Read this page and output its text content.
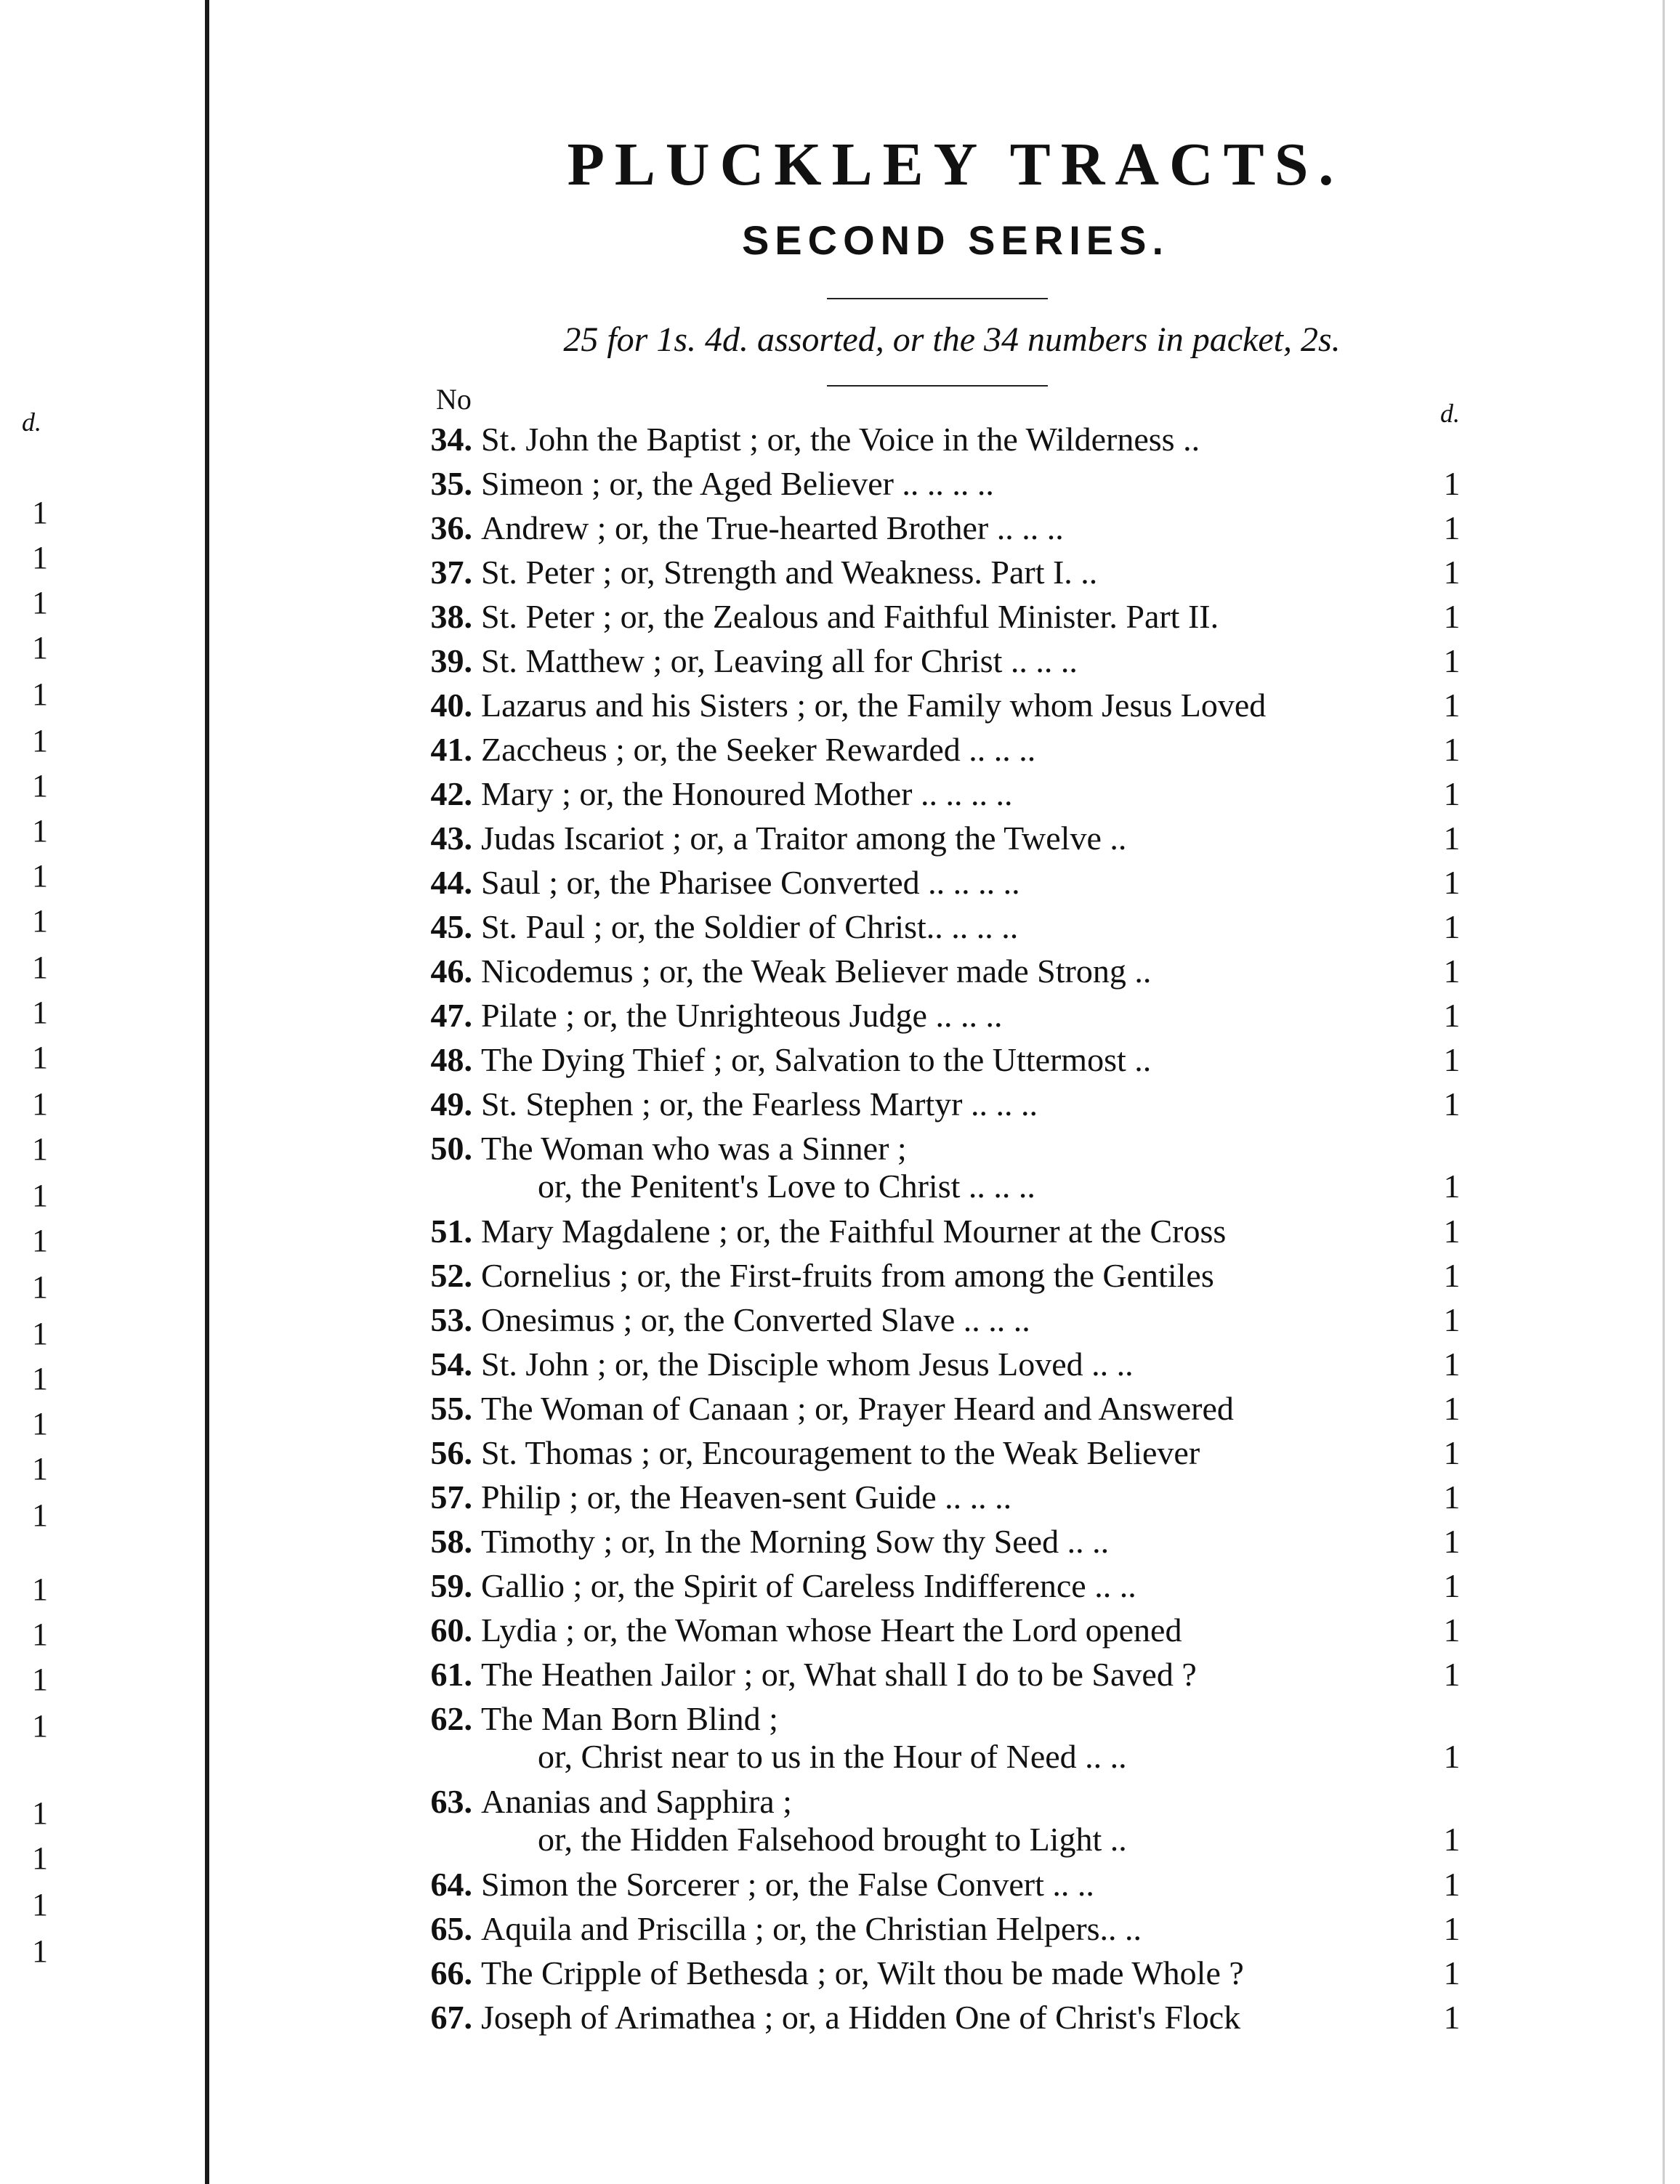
d.
1
1
1
1
1
1
1
1
1
1
1
1
1
1
1
1
1
1
1
1
1
1
1
1
1
1
1
1
1
1
1
PLUCKLEY TRACTS.
SECOND SERIES.
25 for 1s. 4d. assorted, or the 34 numbers in packet, 2s.
No	d.
34. St. John the Baptist ; or, the Voice in the Wilderness ..
35. Simeon ; or, the Aged Believer .. .. .. ..	1
36. Andrew ; or, the True-hearted Brother .. .. ..	1
37. St. Peter ; or, Strength and Weakness. Part I. ..	1
38. St. Peter ; or, the Zealous and Faithful Minister. Part II.	1
39. St. Matthew ; or, Leaving all for Christ .. .. ..	1
40. Lazarus and his Sisters ; or, the Family whom Jesus Loved	1
41. Zaccheus ; or, the Seeker Rewarded .. .. ..	1
42. Mary ; or, the Honoured Mother .. .. .. ..	1
43. Judas Iscariot ; or, a Traitor among the Twelve ..	1
44. Saul ; or, the Pharisee Converted .. .. .. ..	1
45. St. Paul ; or, the Soldier of Christ.. .. .. ..	1
46. Nicodemus ; or, the Weak Believer made Strong ..	1
47. Pilate ; or, the Unrighteous Judge .. .. ..	1
48. The Dying Thief ; or, Salvation to the Uttermost ..	1
49. St. Stephen ; or, the Fearless Martyr .. .. ..	1
50. The Woman who was a Sinner ;
or, the Penitent's Love to Christ .. .. ..	1
51. Mary Magdalene ; or, the Faithful Mourner at the Cross	1
52. Cornelius ; or, the First-fruits from among the Gentiles	1
53. Onesimus ; or, the Converted Slave .. .. ..	1
54. St. John ; or, the Disciple whom Jesus Loved .. ..	1
55. The Woman of Canaan ; or, Prayer Heard and Answered	1
56. St. Thomas ; or, Encouragement to the Weak Believer	1
57. Philip ; or, the Heaven-sent Guide .. .. ..	1
58. Timothy ; or, In the Morning Sow thy Seed .. ..	1
59. Gallio ; or, the Spirit of Careless Indifference .. ..	1
60. Lydia ; or, the Woman whose Heart the Lord opened	1
61. The Heathen Jailor ; or, What shall I do to be Saved ?	1
62. The Man Born Blind ;
or, Christ near to us in the Hour of Need .. ..	1
63. Ananias and Sapphira ;
or, the Hidden Falsehood brought to Light ..	1
64. Simon the Sorcerer ; or, the False Convert .. ..	1
65. Aquila and Priscilla ; or, the Christian Helpers.. ..	1
66. The Cripple of Bethesda ; or, Wilt thou be made Whole ?	1
67. Joseph of Arimathea ; or, a Hidden One of Christ's Flock	1
